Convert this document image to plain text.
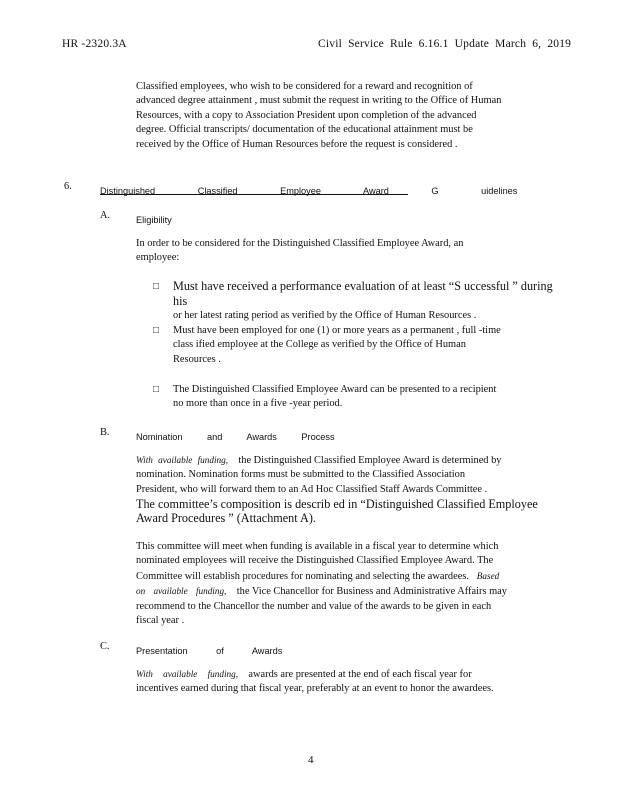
HR -2320.3A	Civil Service Rule 6.16.1 Update March 6, 2019

Classified employees, who wish to be considered for a reward and recognition of

advanced degree attainment , must submit the request in writing to the Office of Human

Resources, with a copy to Association President upon completion of the advanced

degree. Official transcripts/ documentation of the educational attainment must be

received by the Office of Human Resources before the request is considered .

6.	Distinguished Classified Employee Award G uidelines
A.	Eligibility

In order to be considered for the Distinguished Classified Employee Award, an

employee:

□	Must have received a performance evaluation of at least “S uccessful ” during his

or her latest rating period as verified by the Office of Human Resources .

□	Must have been employed for one (1) or more years as a permanent , full -time

class ified employee at the College as verified by the Office of Human

Resources .

□	The Distinguished Classified Employee Award can be presented to a recipient

no more than once in a five -year period.

B.	Nomination and Awards Process

With available funding, the Distinguished Classified Employee Award is determined by

nomination. Nomination forms must be submitted to the Classified Association

President, who will forward them to an Ad Hoc Classified Staff Awards Committee .

The committee’s composition is describ ed in “Distinguished Classified Employee

Award Procedures ” (Attachment A).

This committee will meet when funding is available in a fiscal year to determine which

nominated employees will receive the Distinguished Classified Employee Award. The

Committee will establish procedures for nominating and selecting the awardees. Based

on available funding, the Vice Chancellor for Business and Administrative Affairs may

recommend to the Chancellor the number and value of the awards to be given in each

fiscal year .

C.	Presentation of Awards

With available funding, awards are presented at the end of each fiscal year for

incentives earned during that fiscal year, preferably at an event to honor the awardees.

4
